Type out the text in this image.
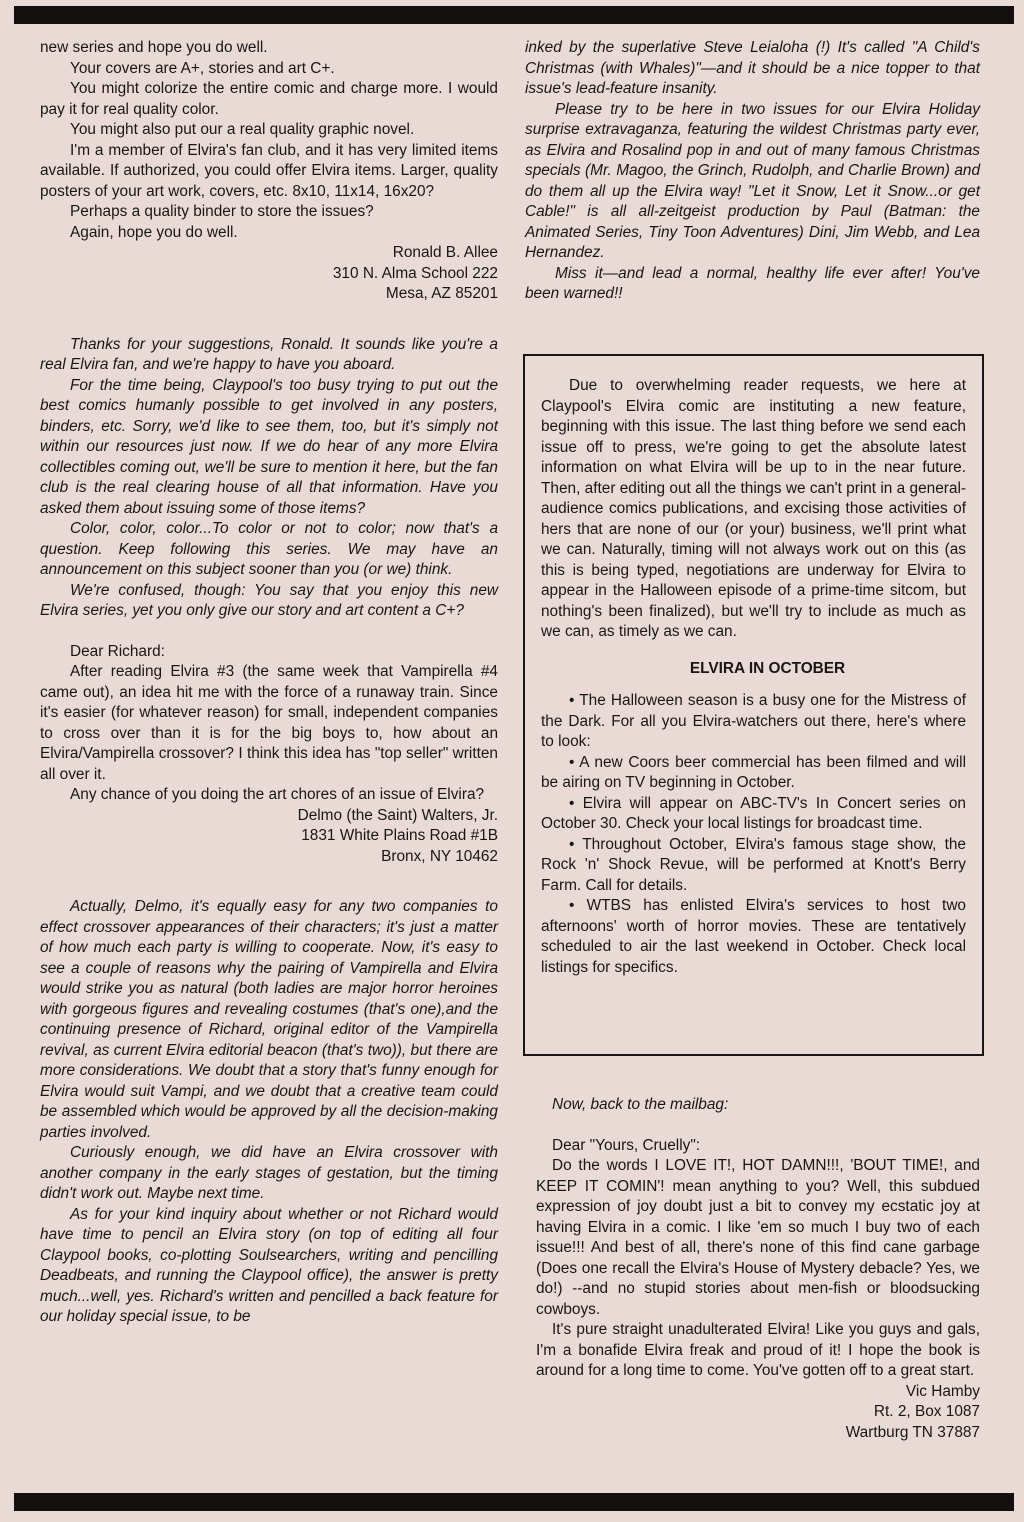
new series and hope you do well.

Your covers are A+, stories and art C+.

You might colorize the entire comic and charge more. I would pay it for real quality color.

You might also put our a real quality graphic novel.

I'm a member of Elvira's fan club, and it has very limited items available. If authorized, you could offer Elvira items. Larger, quality posters of your art work, covers, etc. 8x10, 11x14, 16x20?

Perhaps a quality binder to store the issues?

Again, hope you do well.

Ronald B. Allee

310 N. Alma School 222

Mesa, AZ 85201

Thanks for your suggestions, Ronald. It sounds like you're a real Elvira fan, and we're happy to have you aboard.

For the time being, Claypool's too busy trying to put out the best comics humanly possible to get involved in any posters, binders, etc. Sorry, we'd like to see them, too, but it's simply not within our resources just now. If we do hear of any more Elvira collectibles coming out, we'll be sure to mention it here, but the fan club is the real clearing house of all that information. Have you asked them about issuing some of those items?

Color, color, color...To color or not to color; now that's a question. Keep following this series. We may have an announcement on this subject sooner than you (or we) think.

We're confused, though: You say that you enjoy this new Elvira series, yet you only give our story and art content a C+?

Dear Richard:

After reading Elvira #3 (the same week that Vampirella #4 came out), an idea hit me with the force of a runaway train. Since it's easier (for whatever reason) for small, independent companies to cross over than it is for the big boys to, how about an Elvira/Vampirella crossover? I think this idea has "top seller" written all over it.

Any chance of you doing the art chores of an issue of Elvira?

Delmo (the Saint) Walters, Jr.

1831 White Plains Road #1B

Bronx, NY 10462

Actually, Delmo, it's equally easy for any two companies to effect crossover appearances of their characters; it's just a matter of how much each party is willing to cooperate. Now, it's easy to see a couple of reasons why the pairing of Vampirella and Elvira would strike you as natural (both ladies are major horror heroines with gorgeous figures and revealing costumes (that's one),and the continuing presence of Richard, original editor of the Vampirella revival, as current Elvira editorial beacon (that's two)), but there are more considerations. We doubt that a story that's funny enough for Elvira would suit Vampi, and we doubt that a creative team could be assembled which would be approved by all the decision-making parties involved.

Curiously enough, we did have an Elvira crossover with another company in the early stages of gestation, but the timing didn't work out. Maybe next time.

As for your kind inquiry about whether or not Richard would have time to pencil an Elvira story (on top of editing all four Claypool books, co-plotting Soulsearchers, writing and pencilling Deadbeats, and running the Claypool office), the answer is pretty much...well, yes. Richard's written and pencilled a back feature for our holiday special issue, to be

inked by the superlative Steve Leialoha (!) It's called "A Child's Christmas (with Whales)"—and it should be a nice topper to that issue's lead-feature insanity.

Please try to be here in two issues for our Elvira Holiday surprise extravaganza, featuring the wildest Christmas party ever, as Elvira and Rosalind pop in and out of many famous Christmas specials (Mr. Magoo, the Grinch, Rudolph, and Charlie Brown) and do them all up the Elvira way! "Let it Snow, Let it Snow...or get Cable!" is all all-zeitgeist production by Paul (Batman: the Animated Series, Tiny Toon Adventures) Dini, Jim Webb, and Lea Hernandez.

Miss it—and lead a normal, healthy life ever after! You've been warned!!

Due to overwhelming reader requests, we here at Claypool's Elvira comic are instituting a new feature, beginning with this issue. The last thing before we send each issue off to press, we're going to get the absolute latest information on what Elvira will be up to in the near future. Then, after editing out all the things we can't print in a general-audience comics publications, and excising those activities of hers that are none of our (or your) business, we'll print what we can. Naturally, timing will not always work out on this (as this is being typed, negotiations are underway for Elvira to appear in the Halloween episode of a prime-time sitcom, but nothing's been finalized), but we'll try to include as much as we can, as timely as we can.

ELVIRA IN OCTOBER

• The Halloween season is a busy one for the Mistress of the Dark. For all you Elvira-watchers out there, here's where to look:

• A new Coors beer commercial has been filmed and will be airing on TV beginning in October.

• Elvira will appear on ABC-TV's In Concert series on October 30. Check your local listings for broadcast time.

• Throughout October, Elvira's famous stage show, the Rock 'n' Shock Revue, will be performed at Knott's Berry Farm. Call for details.

• WTBS has enlisted Elvira's services to host two afternoons' worth of horror movies. These are tentatively scheduled to air the last weekend in October. Check local listings for specifics.

Now, back to the mailbag:

Dear "Yours, Cruelly":

Do the words I LOVE IT!, HOT DAMN!!!, 'BOUT TIME!, and KEEP IT COMIN'! mean anything to you? Well, this subdued expression of joy doubt just a bit to convey my ecstatic joy at having Elvira in a comic. I like 'em so much I buy two of each issue!!! And best of all, there's none of this find cane garbage (Does one recall the Elvira's House of Mystery debacle? Yes, we do!) --and no stupid stories about men-fish or bloodsucking cowboys.

It's pure straight unadulterated Elvira! Like you guys and gals, I'm a bonafide Elvira freak and proud of it! I hope the book is around for a long time to come. You've gotten off to a great start.

Vic Hamby

Rt. 2, Box 1087

Wartburg TN 37887
